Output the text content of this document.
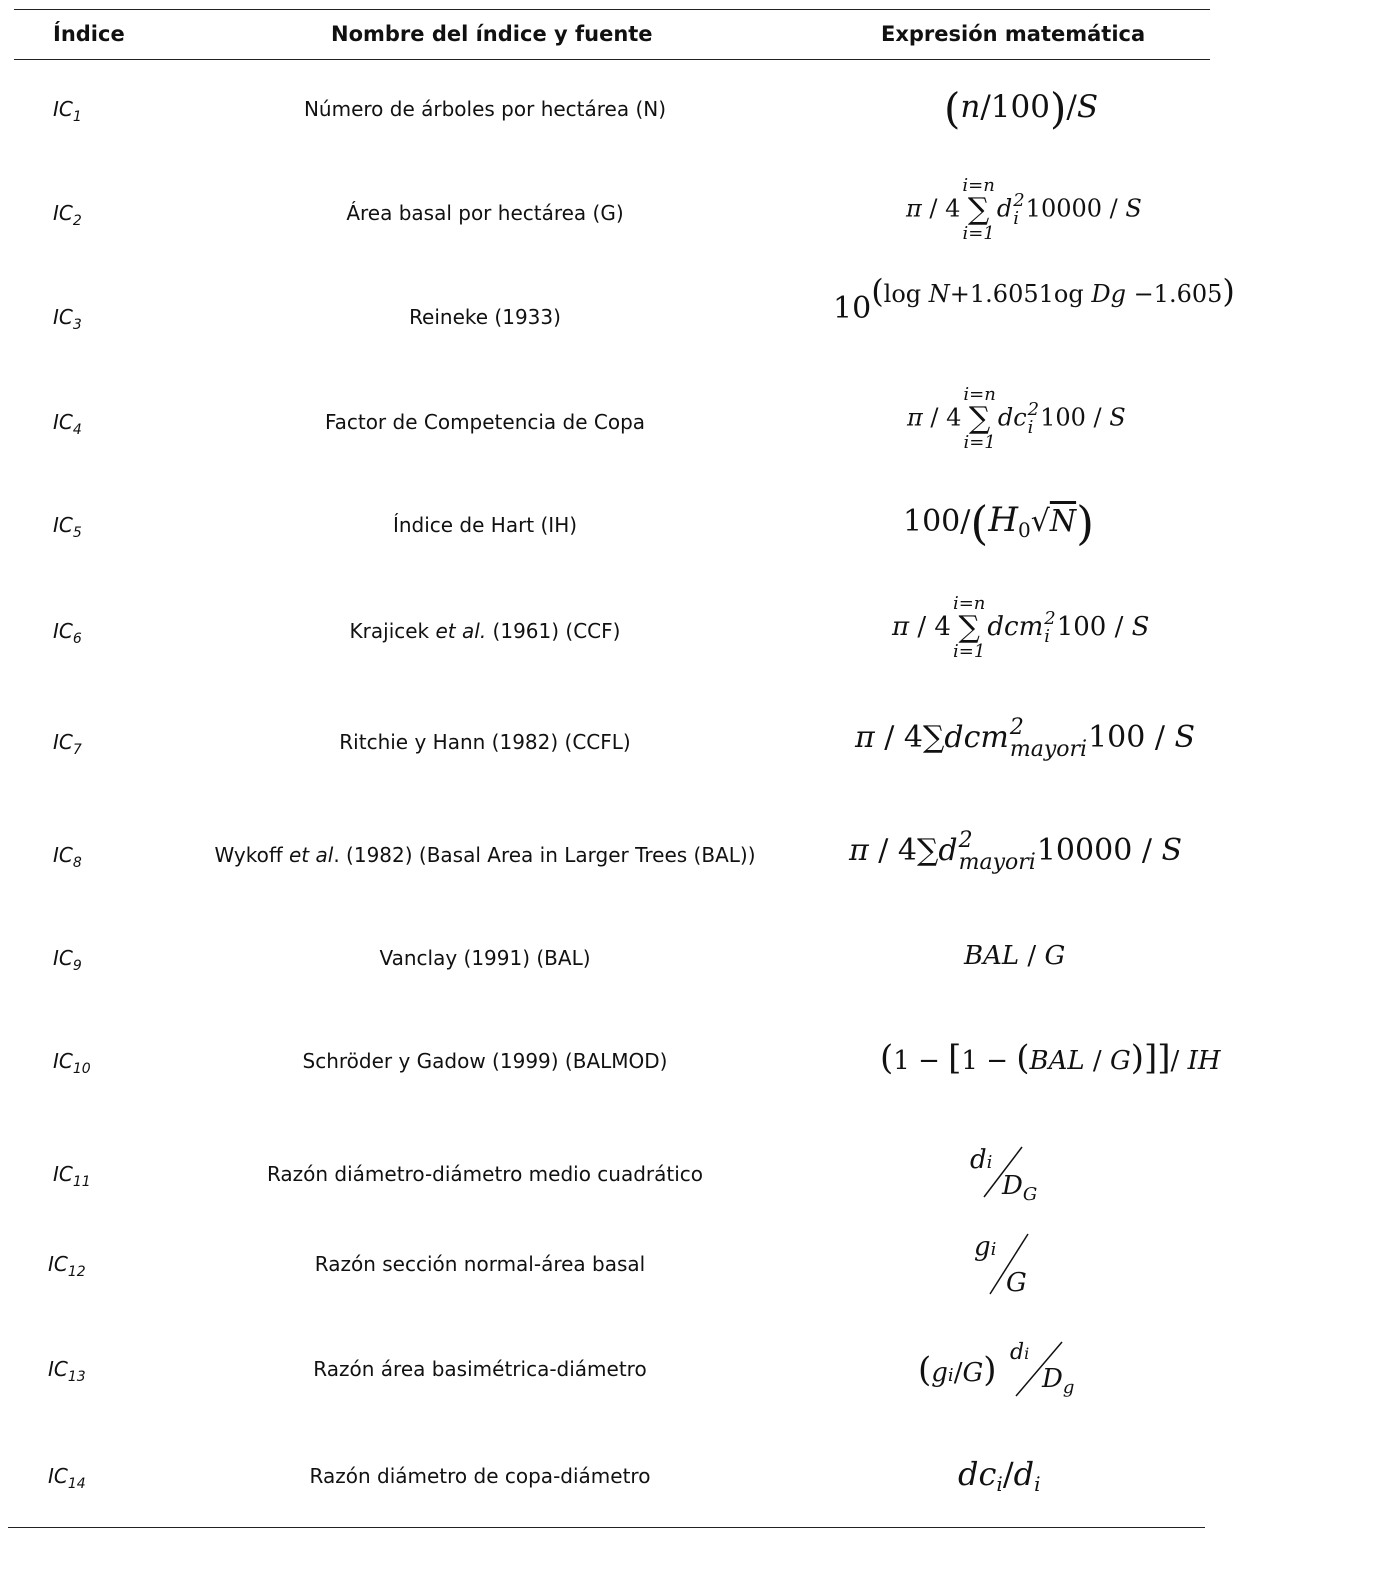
Índice	Nombre del índice y fuente	Expresión matemática
$IC_1$
$IC_2$
$IC_3$
$IC_4$
$IC_5$
$IC_6$
$IC_7$
$IC_8$
$IC_9$
$IC_{10}$
$IC_{11}$
$IC_{12}$
$IC_{13}$
$IC_{14}$
Número de árboles por hectárea (N)
Área basal por hectárea (G)
Reineke (1933)
Factor de Competencia de Copa
Índice de Hart (IH)
Krajicek et al. (1961) (CCF)
Ritchie y Hann (1982) (CCFL)
Wykoff et al. (1982) (Basal Area in Larger Trees (BAL))
Vanclay (1991) (BAL)
Schröder y Gadow (1999) (BALMOD)
Razón diámetro-diámetro medio cuadrático
Razón sección normal-área basal
Razón área basimétrica-diámetro
Razón diámetro de copa-diámetro
(n/100)/S
π / 4
i=n
∑
i=1
d 2
i 10000 / S
$10^{(log N+1.6051og Dg -1.605)}$
π / 4
i=n
∑
i=1
dc 2
i 100 / S
$100/(H_0√N)$
π / 4
i=n
∑
i=1
dcm 2
i 100 / S
π / 4∑dcm 2
mayori 100 / S
π / 4∑d 2
mayori 10000 / S
BAL / G
(1 − [1 − (BAL / G)]]/ IH
di
$D_G$
gi
G
(gi/G) di
$D_g$
dci/di
